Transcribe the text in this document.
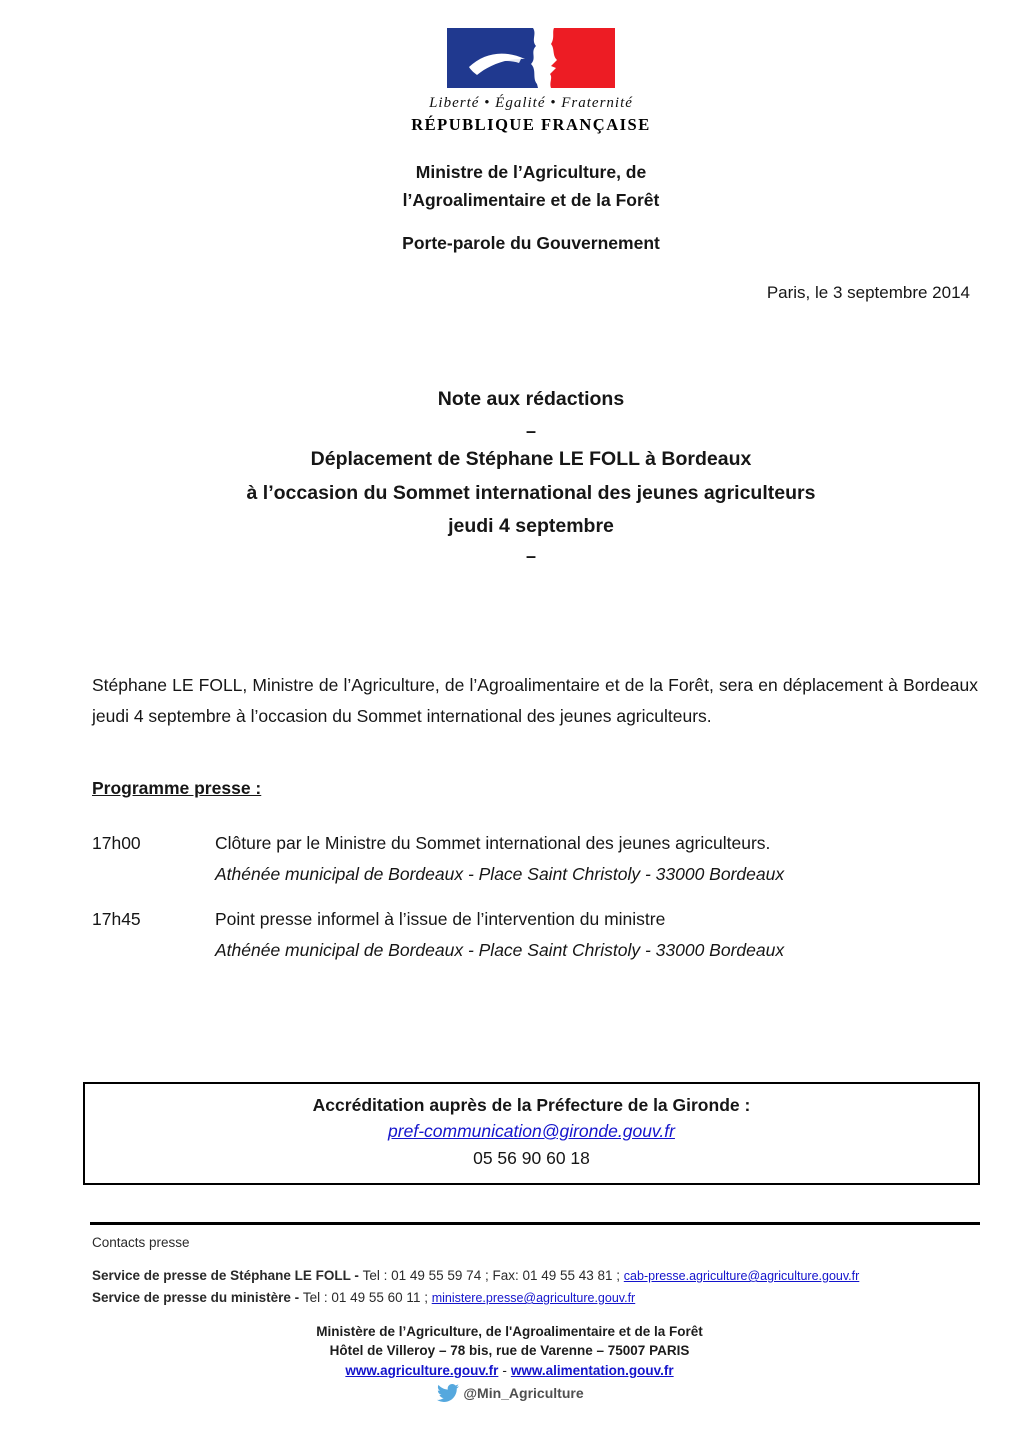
Liberté • Égalité • Fraternité
RÉPUBLIQUE FRANÇAISE
Ministre de l’Agriculture, de
l’Agroalimentaire et de la Forêt
Porte-parole du Gouvernement
Paris, le 3 septembre 2014
Note aux rédactions
–
Déplacement de Stéphane LE FOLL à Bordeaux
à l’occasion du Sommet international des jeunes agriculteurs
jeudi 4 septembre
–

Stéphane LE FOLL, Ministre de l’Agriculture, de l’Agroalimentaire et de la Forêt, sera en déplacement à Bordeaux jeudi 4 septembre à l’occasion du Sommet international des jeunes agriculteurs.

Programme presse :
17h00	Clôture par le Ministre du Sommet international des jeunes agriculteurs.
Athénée municipal de Bordeaux - Place Saint Christoly - 33000 Bordeaux
17h45	Point presse informel à l’issue de l’intervention du ministre
Athénée municipal de Bordeaux - Place Saint Christoly - 33000 Bordeaux
Accréditation auprès de la Préfecture de la Gironde :
pref-communication@gironde.gouv.fr
05 56 90 60 18
Contacts presse
Service de presse de Stéphane LE FOLL - Tel : 01 49 55 59 74 ; Fax: 01 49 55 43 81 ; cab-presse.agriculture@agriculture.gouv.fr
Service de presse du ministère - Tel : 01 49 55 60 11 ; ministere.presse@agriculture.gouv.fr
Ministère de l’Agriculture, de l'Agroalimentaire et de la Forêt
Hôtel de Villeroy – 78 bis, rue de Varenne – 75007 PARIS
www.agriculture.gouv.fr - www.alimentation.gouv.fr
@Min_Agriculture
